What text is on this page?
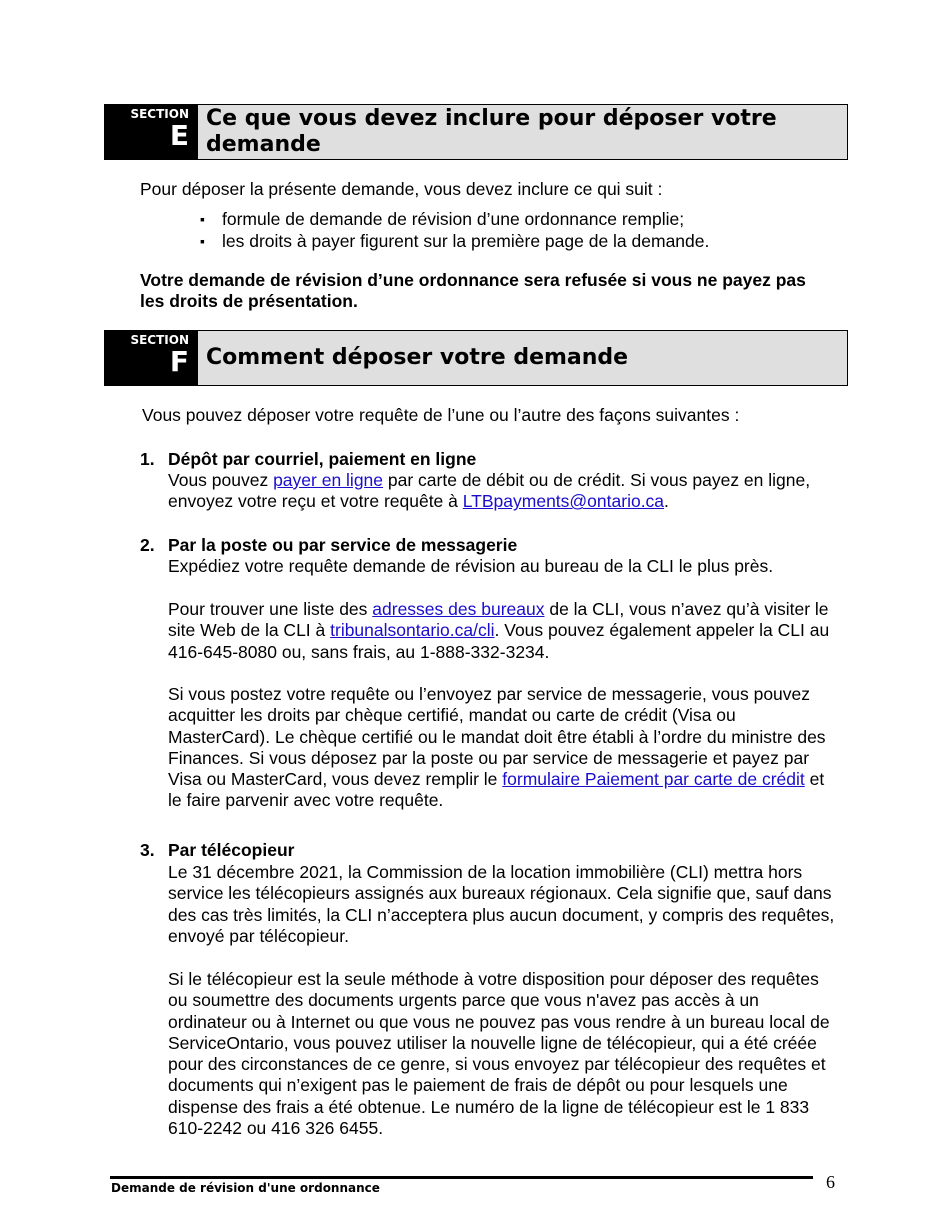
SECTION
E
Ce que vous devez inclure pour déposer votre demande
Pour déposer la présente demande, vous devez inclure ce qui suit :
▪ formule de demande de révision d’une ordonnance remplie;
▪ les droits à payer figurent sur la première page de la demande.
Votre demande de révision d’une ordonnance sera refusée si vous ne payez pas les droits de présentation.
SECTION
F Comment déposer votre demande
Vous pouvez déposer votre requête de l’une ou l’autre des façons suivantes :
1. Dépôt par courriel, paiement en ligne
Vous pouvez payer en ligne par carte de débit ou de crédit. Si vous payez en ligne, envoyez votre reçu et votre requête à LTBpayments@ontario.ca.
2. Par la poste ou par service de messagerie
Expédiez votre requête demande de révision au bureau de la CLI le plus près.
Pour trouver une liste des adresses des bureaux de la CLI, vous n’avez qu’à visiter le site Web de la CLI à tribunalsontario.ca/cli. Vous pouvez également appeler la CLI au 416-645-8080 ou, sans frais, au 1-888-332-3234.
Si vous postez votre requête ou l’envoyez par service de messagerie, vous pouvez acquitter les droits par chèque certifié, mandat ou carte de crédit (Visa ou MasterCard). Le chèque certifié ou le mandat doit être établi à l’ordre du ministre des Finances. Si vous déposez par la poste ou par service de messagerie et payez par Visa ou MasterCard, vous devez remplir le formulaire Paiement par carte de crédit et le faire parvenir avec votre requête.
3. Par télécopieur
Le 31 décembre 2021, la Commission de la location immobilière (CLI) mettra hors service les télécopieurs assignés aux bureaux régionaux. Cela signifie que, sauf dans des cas très limités, la CLI n’acceptera plus aucun document, y compris des requêtes, envoyé par télécopieur.
Si le télécopieur est la seule méthode à votre disposition pour déposer des requêtes ou soumettre des documents urgents parce que vous n'avez pas accès à un ordinateur ou à Internet ou que vous ne pouvez pas vous rendre à un bureau local de ServiceOntario, vous pouvez utiliser la nouvelle ligne de télécopieur, qui a été créée pour des circonstances de ce genre, si vous envoyez par télécopieur des requêtes et documents qui n’exigent pas le paiement de frais de dépôt ou pour lesquels une dispense des frais a été obtenue. Le numéro de la ligne de télécopieur est le 1 833 610-2242 ou 416 326 6455.
Demande de révision d'une ordonnance	6
